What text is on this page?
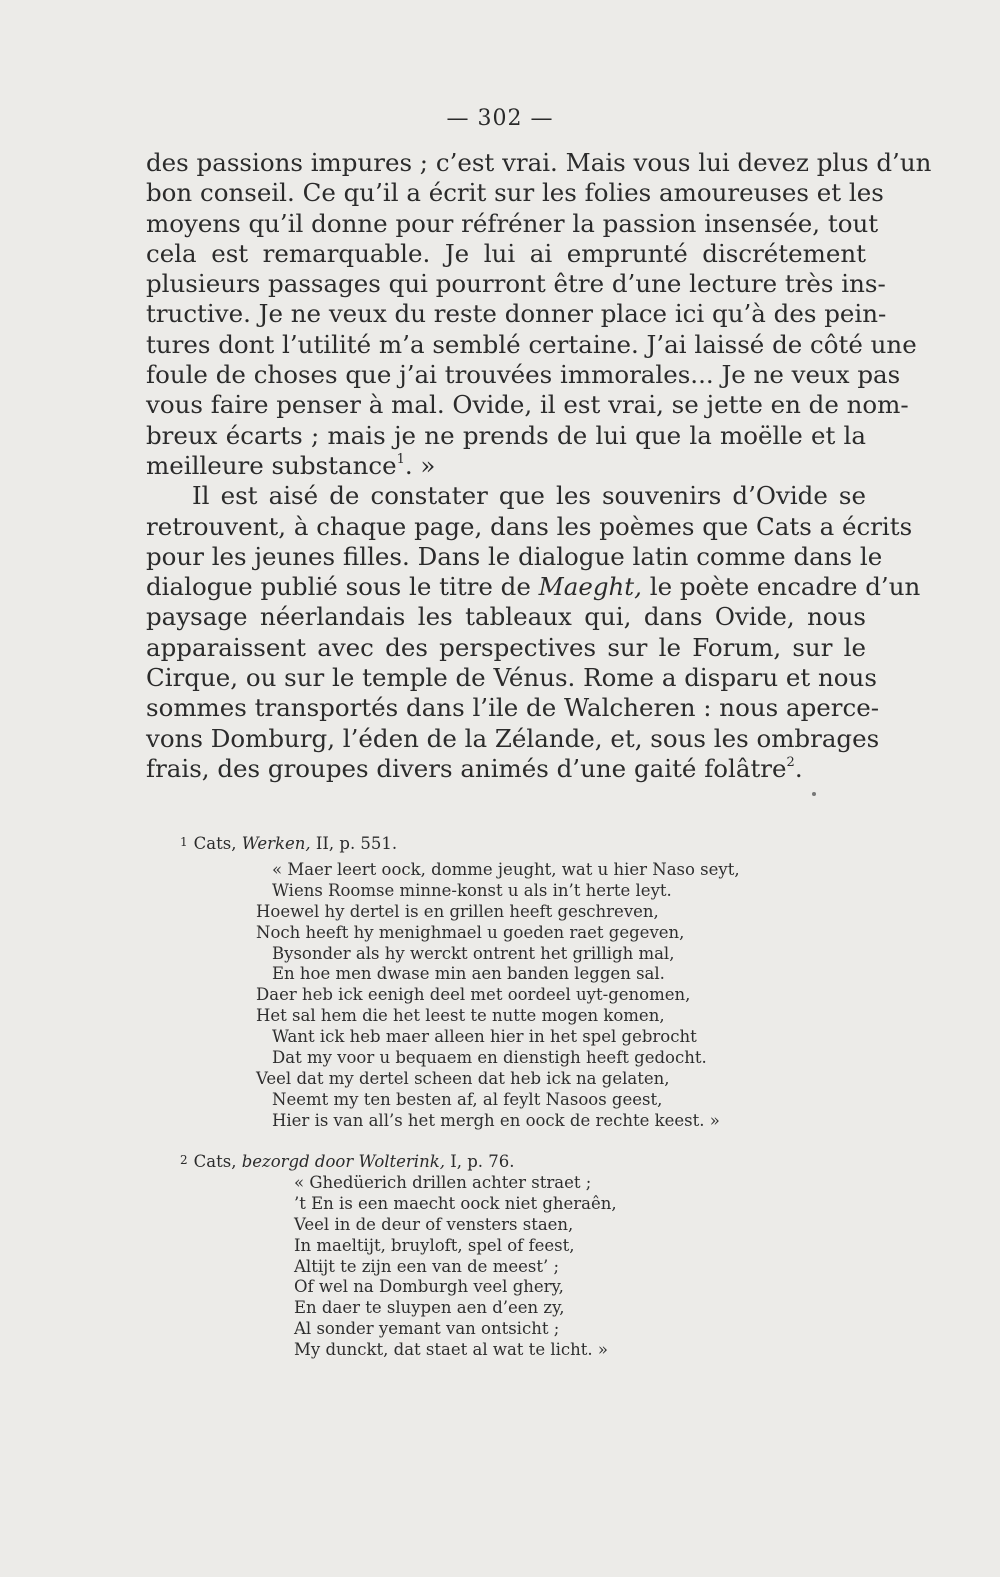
— 302 —
des passions impures ; c’est vrai. Mais vous lui devez plus d’un
bon conseil. Ce qu’il a écrit sur les folies amoureuses et les
moyens qu’il donne pour réfréner la passion insensée, tout
cela est remarquable. Je lui ai emprunté discrétement
plusieurs passages qui pourront être d’une lecture très ins-
tructive. Je ne veux du reste donner place ici qu’à des pein-
tures dont l’utilité m’a semblé certaine. J’ai laissé de côté une
foule de choses que j’ai trouvées immorales... Je ne veux pas
vous faire penser à mal. Ovide, il est vrai, se jette en de nom-
breux écarts ; mais je ne prends de lui que la moëlle et la
meilleure substance$^1$. »
Il est aisé de constater que les souvenirs d’Ovide se
retrouvent, à chaque page, dans les poèmes que Cats a écrits
pour les jeunes filles. Dans le dialogue latin comme dans le
dialogue publié sous le titre de Maeght, le poète encadre d’un
paysage néerlandais les tableaux qui, dans Ovide, nous
apparaissent avec des perspectives sur le Forum, sur le
Cirque, ou sur le temple de Vénus. Rome a disparu et nous
sommes transportés dans l’ile de Walcheren : nous aperce-
vons Domburg, l’éden de la Zélande, et, sous les ombrages
frais, des groupes divers animés d’une gaité folâtre$^2$.
$^1$ Cats, Werken, II, p. 551.
« Maer leert oock, domme jeught, wat u hier Naso seyt,
Wiens Roomse minne-konst u als in’t herte leyt.
Hoewel hy dertel is en grillen heeft geschreven,
Noch heeft hy menighmael u goeden raet gegeven,
Bysonder als hy werckt ontrent het grilligh mal,
En hoe men dwase min aen banden leggen sal.
Daer heb ick eenigh deel met oordeel uyt-genomen,
Het sal hem die het leest te nutte mogen komen,
Want ick heb maer alleen hier in het spel gebrocht
Dat my voor u bequaem en dienstigh heeft gedocht.
Veel dat my dertel scheen dat heb ick na gelaten,
Neemt my ten besten af, al feylt Nasoos geest,
Hier is van all’s het mergh en oock de rechte keest. »
$^2$ Cats, bezorgd door Wolterink, I, p. 76.
« Ghedüerich drillen achter straet ;
’t En is een maecht oock niet gheraên,
Veel in de deur of vensters staen,
In maeltijt, bruyloft, spel of feest,
Altijt te zijn een van de meest’ ;
Of wel na Domburgh veel ghery,
En daer te sluypen aen d’een zy,
Al sonder yemant van ontsicht ;
My dunckt, dat staet al wat te licht. »
